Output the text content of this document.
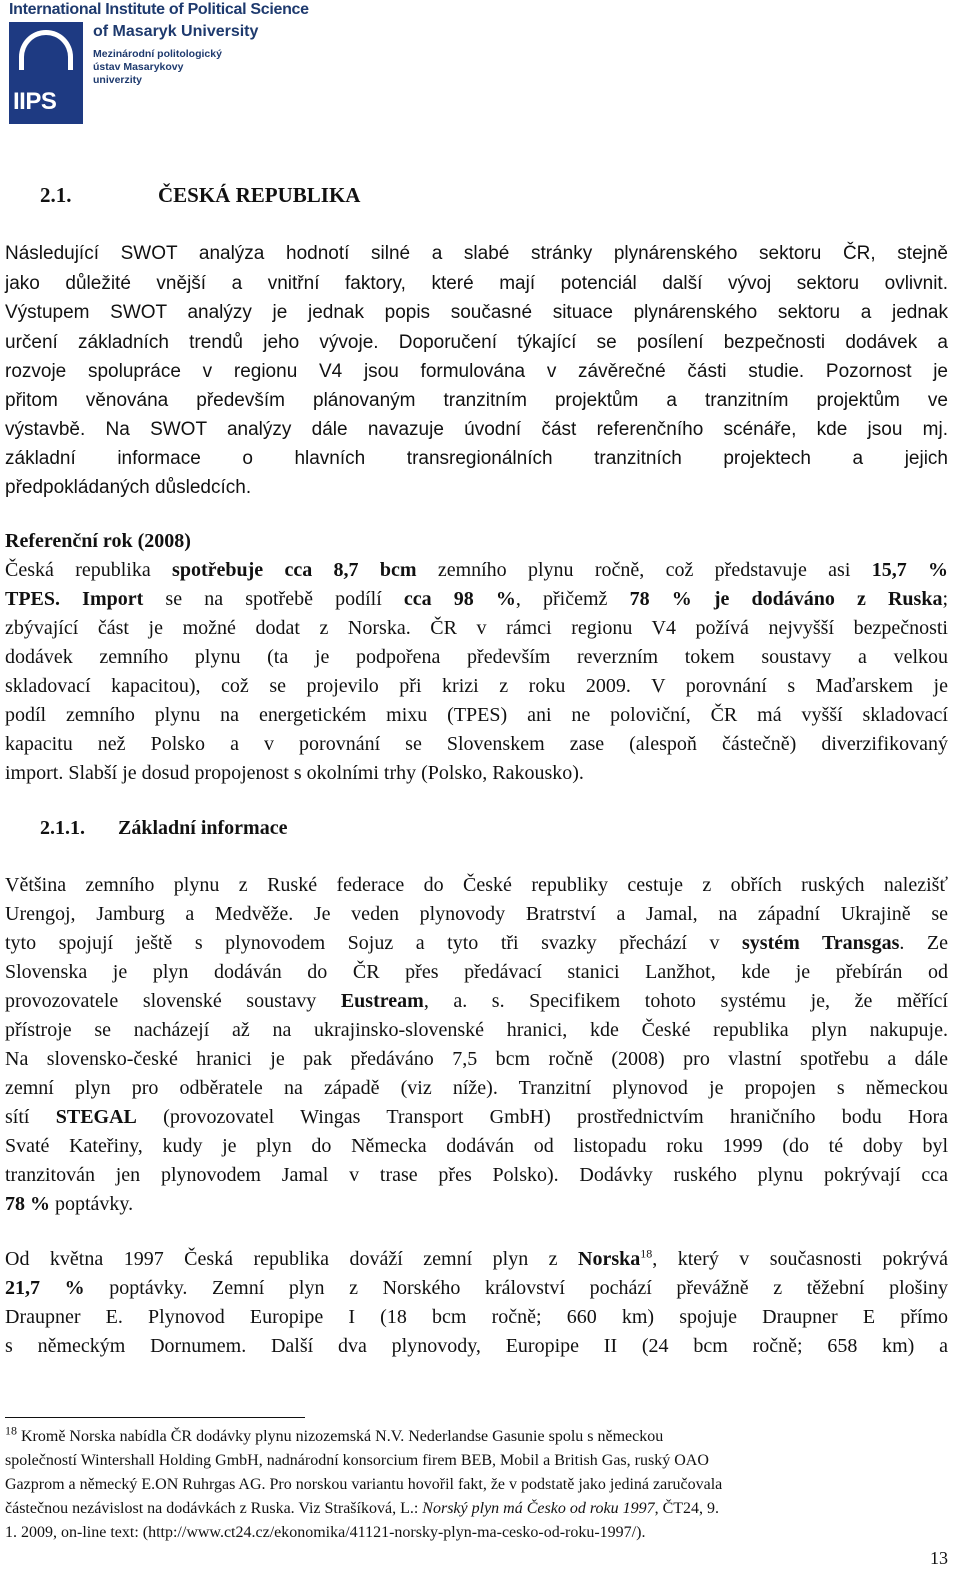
International Institute of Political Science
IIPS
of Masaryk University
Mezinárodní politologický
ústav Masarykovy
univerzity
2.1.	ČESKÁ REPUBLIKA
Následující SWOT analýza hodnotí silné a slabé stránky plynárenského sektoru ČR, stejně
jako důležité vnější a vnitřní faktory, které mají potenciál další vývoj sektoru ovlivnit.
Výstupem SWOT analýzy je jednak popis současné situace plynárenského sektoru a jednak
určení základních trendů jeho vývoje. Doporučení týkající se posílení bezpečnosti dodávek a
rozvoje spolupráce v regionu V4 jsou formulována v závěrečné části studie. Pozornost je
přitom věnována především plánovaným tranzitním projektům a tranzitním projektům ve
výstavbě. Na SWOT analýzy dále navazuje úvodní část referenčního scénáře, kde jsou mj.
základní informace o hlavních transregionálních tranzitních projektech a jejich
předpokládaných důsledcích.
Referenční rok (2008)
Česká republika spotřebuje cca 8,7 bcm zemního plynu ročně, což představuje asi 15,7 %
TPES. Import se na spotřebě podílí cca 98 %, přičemž 78 % je dodáváno z Ruska;
zbývající část je možné dodat z Norska. ČR v rámci regionu V4 požívá nejvyšší bezpečnosti
dodávek zemního plynu (ta je podpořena především reverzním tokem soustavy a velkou
skladovací kapacitou), což se projevilo při krizi z roku 2009. V porovnání s Maďarskem je
podíl zemního plynu na energetickém mixu (TPES) ani ne poloviční, ČR má vyšší skladovací
kapacitu než Polsko a v porovnání se Slovenskem zase (alespoň částečně) diverzifikovaný
import. Slabší je dosud propojenost s okolními trhy (Polsko, Rakousko).
2.1.1. Základní informace
Většina zemního plynu z Ruské federace do České republiky cestuje z obřích ruských nalezišť
Urengoj, Jamburg a Medvěže. Je veden plynovody Bratrství a Jamal, na západní Ukrajině se
tyto spojují ještě s plynovodem Sojuz a tyto tři svazky přechází v systém Transgas. Ze
Slovenska je plyn dodáván do ČR přes předávací stanici Lanžhot, kde je přebírán od
provozovatele slovenské soustavy Eustream, a. s. Specifikem tohoto systému je, že měřící
přístroje se nacházejí až na ukrajinsko-slovenské hranici, kde České republika plyn nakupuje.
Na slovensko-české hranici je pak předáváno 7,5 bcm ročně (2008) pro vlastní spotřebu a dále
zemní plyn pro odběratele na západě (viz níže). Tranzitní plynovod je propojen s německou
sítí STEGAL (provozovatel Wingas Transport GmbH) prostřednictvím hraničního bodu Hora
Svaté Kateřiny, kudy je plyn do Německa dodáván od listopadu roku 1999 (do té doby byl
tranzitován jen plynovodem Jamal v trase přes Polsko). Dodávky ruského plynu pokrývají cca
78 % poptávky.
Od května 1997 Česká republika dováží zemní plyn z Norska$^{18}$, který v současnosti pokrývá
21,7 % poptávky. Zemní plyn z Norského království pochází převážně z těžební plošiny
Draupner E. Plynovod Europipe I (18 bcm ročně; 660 km) spojuje Draupner E přímo
s německým Dornumem. Další dva plynovody, Europipe II (24 bcm ročně; 658 km) a
$^{18}$ Kromě Norska nabídla ČR dodávky plynu nizozemská N.V. Nederlandse Gasunie spolu s německou
společností Wintershall Holding GmbH, nadnárodní konsorcium firem BEB, Mobil a British Gas, ruský OAO
Gazprom a německý E.ON Ruhrgas AG. Pro norskou variantu hovořil fakt, že v podstatě jako jediná zaručovala
částečnou nezávislost na dodávkách z Ruska. Viz Strašíková, L.: Norský plyn má Česko od roku 1997, ČT24, 9.
1. 2009, on-line text: (http://www.ct24.cz/ekonomika/41121-norsky-plyn-ma-cesko-od-roku-1997/).
13
